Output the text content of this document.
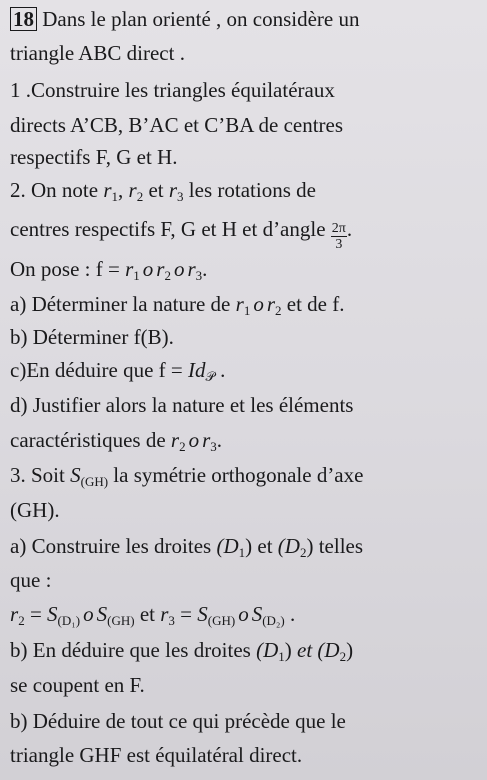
18 Dans le plan orienté , on considère un
triangle ABC direct .
1 .Construire les triangles équilatéraux
directs A’CB, B’AC et C’BA de centres
respectifs F, G et H.
2. On note $r_1$, $r_2$ et $r_3$ les rotations de
centres respectifs F, G et H et d’angle $\frac{2\pi}{3}$ .
On pose : $f = r_1$ o $r_2$ o $r_3$.
a) Déterminer la nature de $r_1$ o $r_2$ et de f.
b) Déterminer f(B).
c)En déduire que $f = Id_𝒫$ .
d) Justifier alors la nature et les éléments
caractéristiques de $r_2$ o $r_3$.
3. Soit $S_{(GH)}$ la symétrie orthogonale d’axe
(GH).
a) Construire les droites $(D_1)$ et $(D_2)$ telles
que :
$r_2 = S_{(D_1)}$ o $S_{(GH)}$ et $r_3 = S_{(GH)}$ o $S_{(D_2)}$ .
b) En déduire que les droites $(D_1)$ et $(D_2)$
se coupent en F.
b) Déduire de tout ce qui précède que le
triangle GHF est équilatéral direct.
